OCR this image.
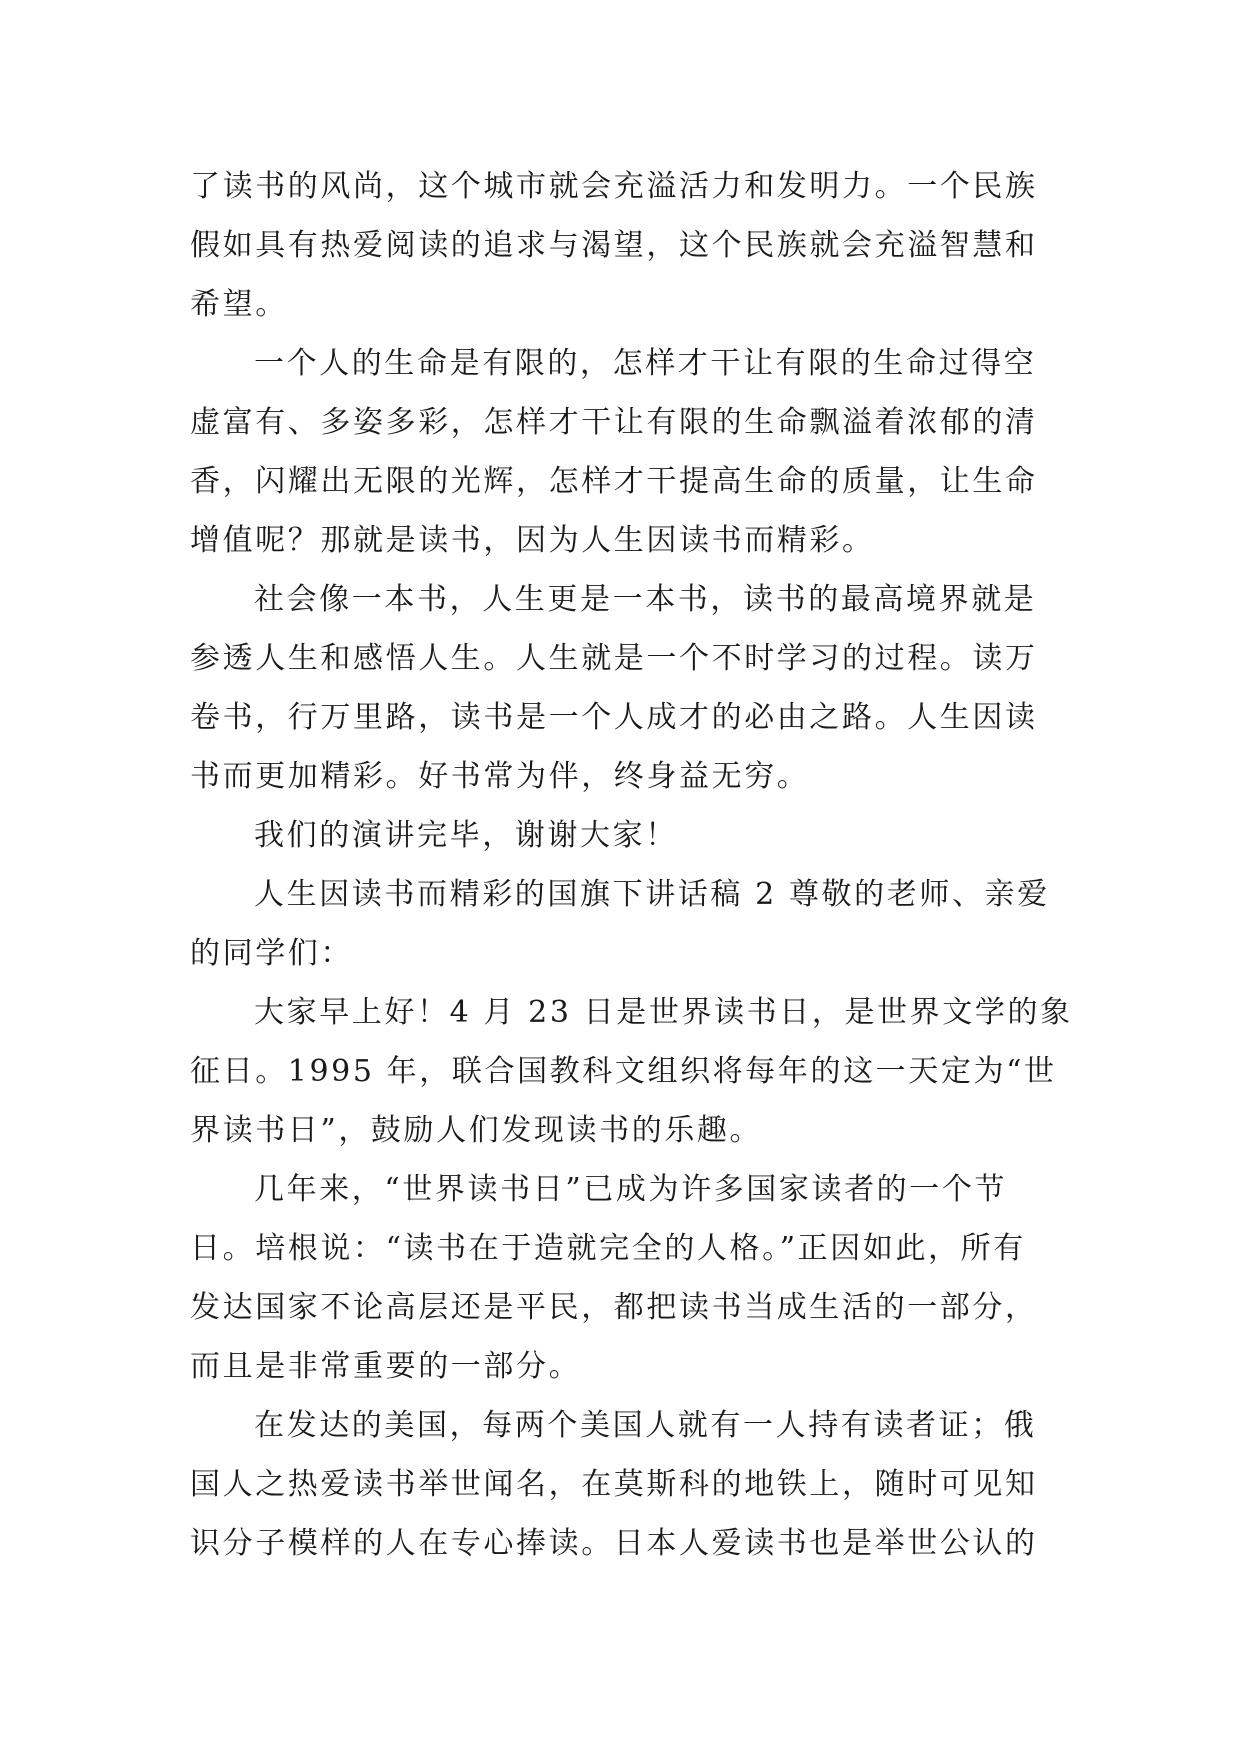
了读书的风尚，这个城市就会充溢活力和发明力。一个民族
假如具有热爱阅读的追求与渴望，这个民族就会充溢智慧和
希望。
一个人的生命是有限的，怎样才干让有限的生命过得空
虚富有、多姿多彩，怎样才干让有限的生命飘溢着浓郁的清
香，闪耀出无限的光辉，怎样才干提高生命的质量，让生命
增值呢？那就是读书，因为人生因读书而精彩。
社会像一本书，人生更是一本书，读书的最高境界就是
参透人生和感悟人生。人生就是一个不时学习的过程。读万
卷书，行万里路，读书是一个人成才的必由之路。人生因读
书而更加精彩。好书常为伴，终身益无穷。
我们的演讲完毕，谢谢大家！
人生因读书而精彩的国旗下讲话稿 2 尊敬的老师、亲爱
的同学们：
大家早上好！4 月 23 日是世界读书日，是世界文学的象
征日。1995 年，联合国教科文组织将每年的这一天定为“世
界读书日”，鼓励人们发现读书的乐趣。
几年来，“世界读书日”已成为许多国家读者的一个节
日。培根说：“读书在于造就完全的人格。”正因如此，所有
发达国家不论高层还是平民，都把读书当成生活的一部分，
而且是非常重要的一部分。
在发达的美国，每两个美国人就有一人持有读者证；俄
国人之热爱读书举世闻名，在莫斯科的地铁上，随时可见知
识分子模样的人在专心捧读。日本人爱读书也是举世公认的
